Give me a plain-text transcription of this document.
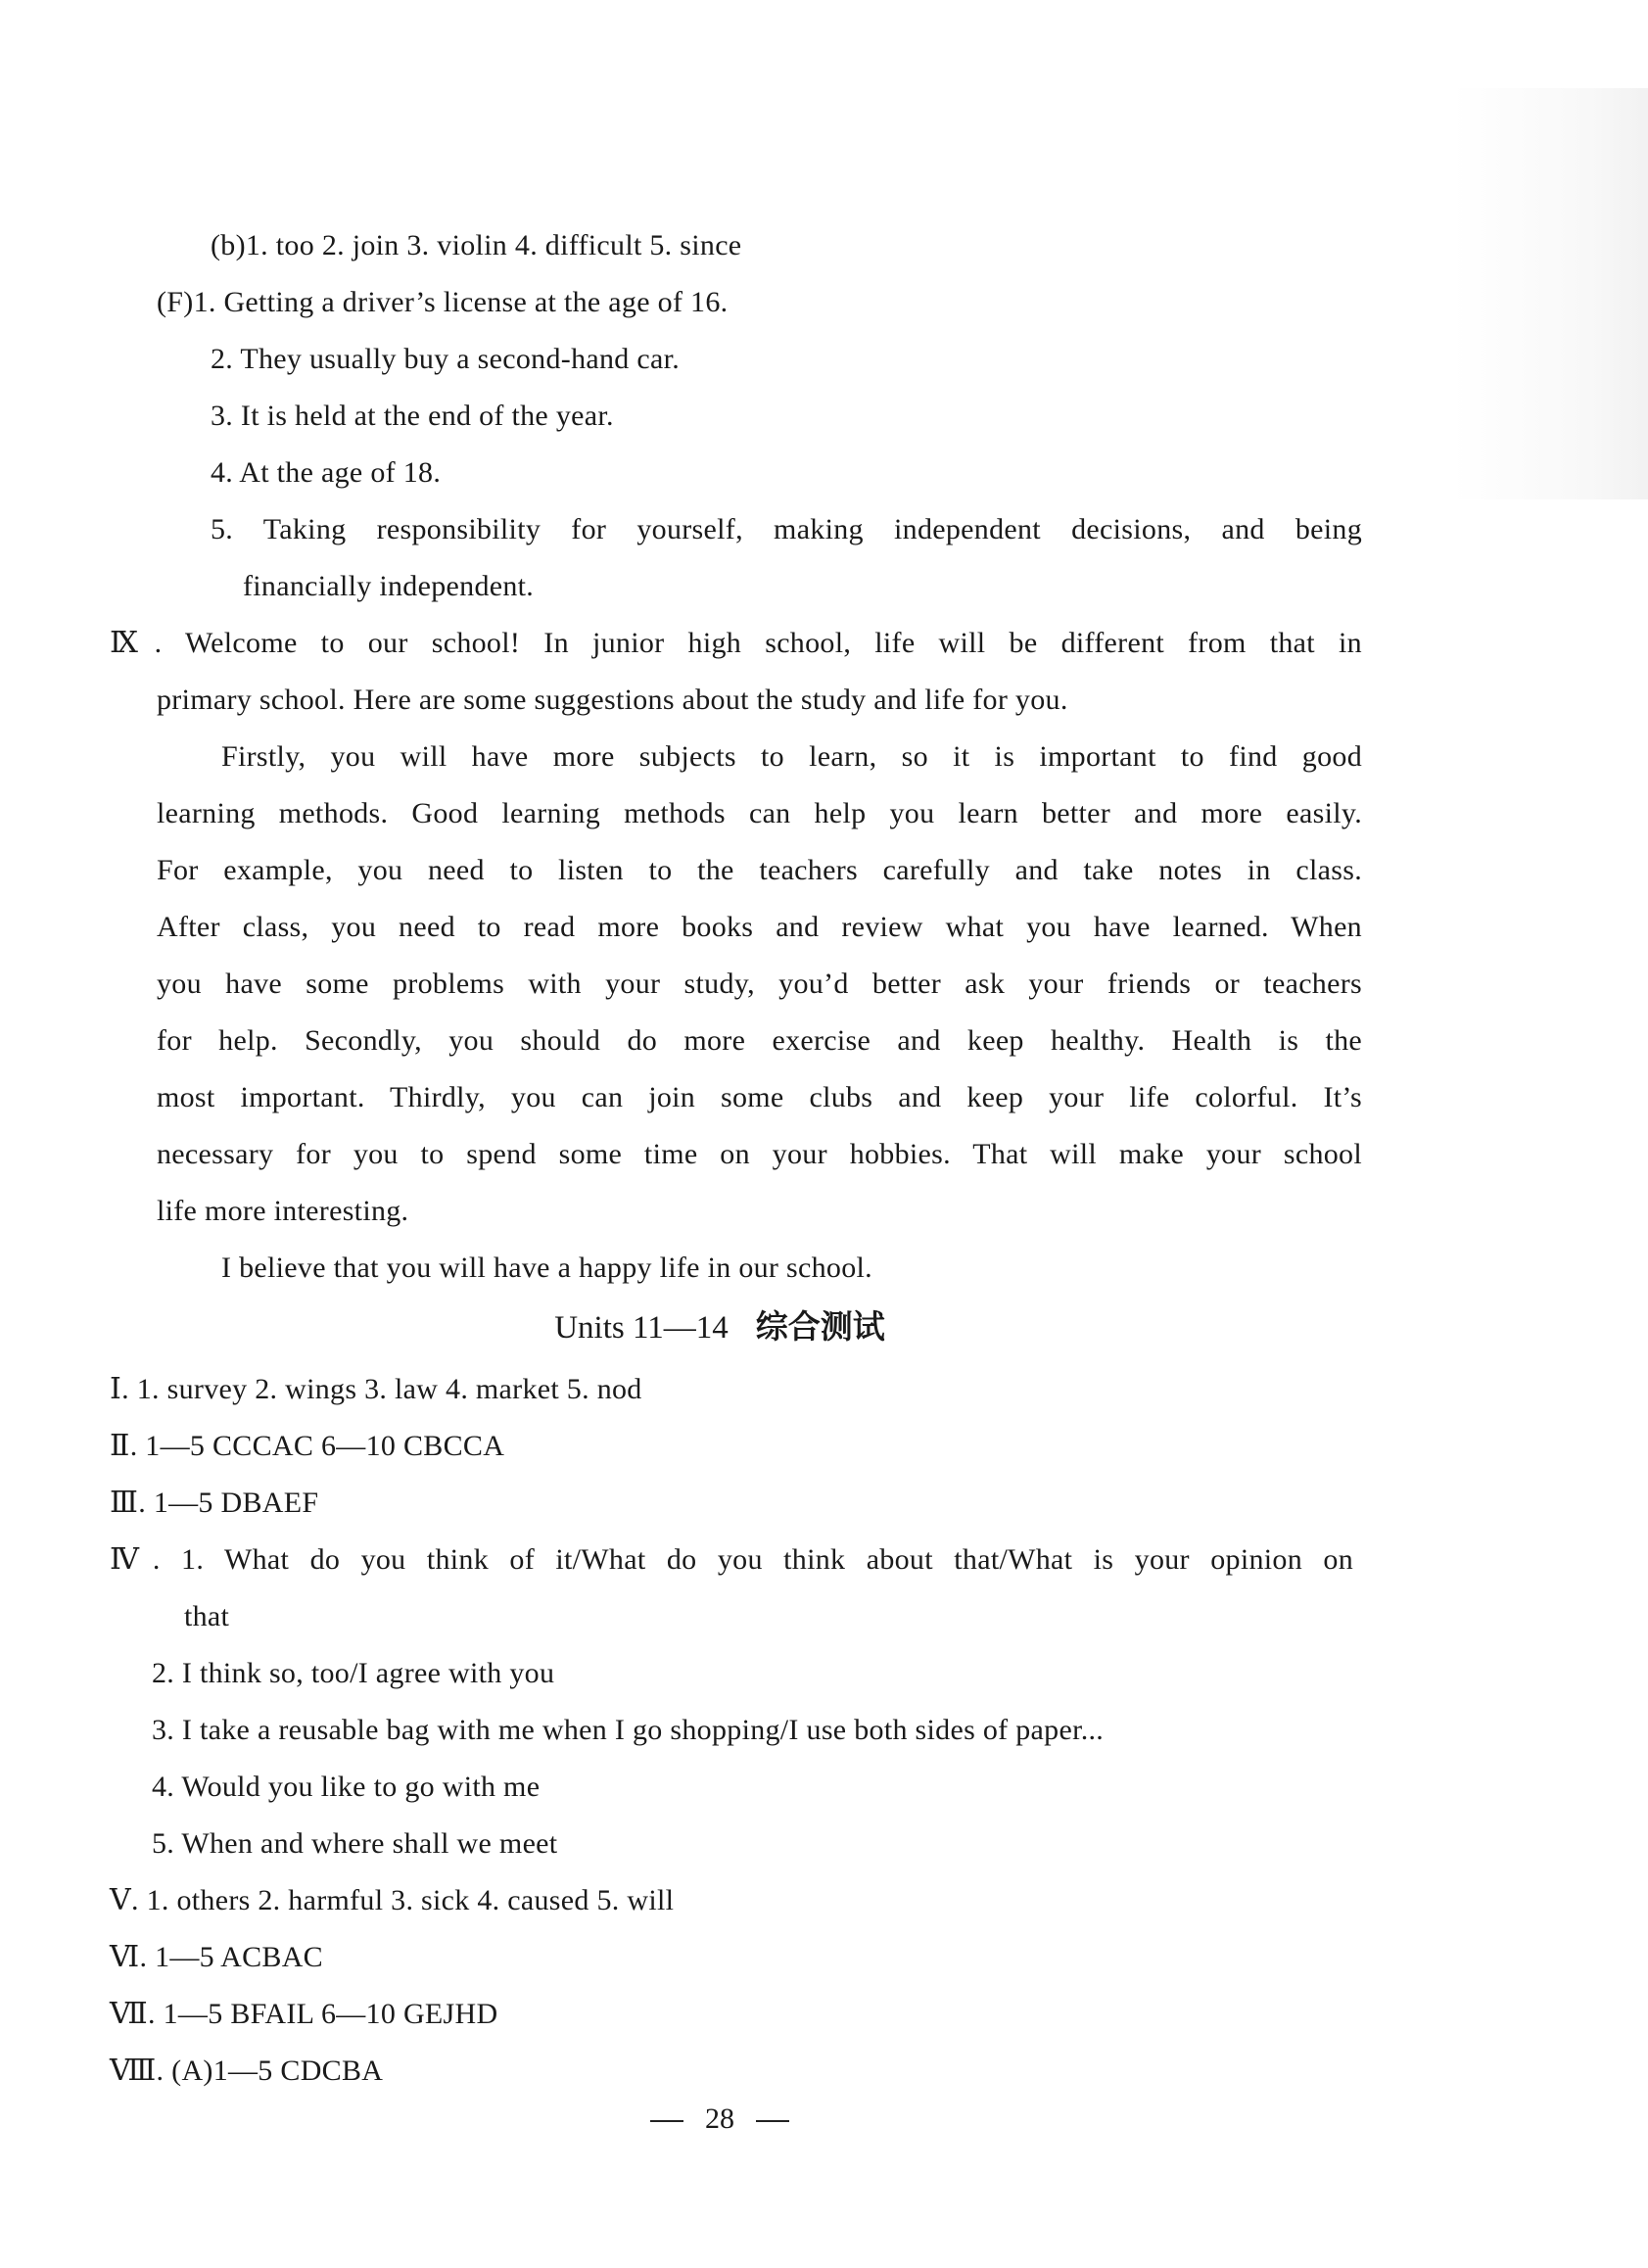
(b)1. too 2. join 3. violin 4. difficult 5. since
(F)1. Getting a driver’s license at the age of 16.
2. They usually buy a second-hand car.
3. It is held at the end of the year.
4. At the age of 18.
5. Taking responsibility for yourself, making independent decisions, and being
financially independent.
Ⅸ. Welcome to our school! In junior high school, life will be different from that in
primary school. Here are some suggestions about the study and life for you.
Firstly, you will have more subjects to learn, so it is important to find good
learning methods. Good learning methods can help you learn better and more easily.
For example, you need to listen to the teachers carefully and take notes in class.
After class, you need to read more books and review what you have learned. When
you have some problems with your study, you’d better ask your friends or teachers
for help. Secondly, you should do more exercise and keep healthy. Health is the
most important. Thirdly, you can join some clubs and keep your life colorful. It’s
necessary for you to spend some time on your hobbies. That will make your school
life more interesting.
I believe that you will have a happy life in our school.
Units 11—14 综合测试
Ⅰ. 1. survey 2. wings 3. law 4. market 5. nod
Ⅱ. 1—5 CCCAC 6—10 CBCCA
Ⅲ. 1—5 DBAEF
Ⅳ. 1. What do you think of it/What do you think about that/What is your opinion on
that
2. I think so, too/I agree with you
3. I take a reusable bag with me when I go shopping/I use both sides of paper...
4. Would you like to go with me
5. When and where shall we meet
Ⅴ. 1. others 2. harmful 3. sick 4. caused 5. will
Ⅵ. 1—5 ACBAC
Ⅶ. 1—5 BFAIL 6—10 GEJHD
Ⅷ. (A)1—5 CDCBA
28
